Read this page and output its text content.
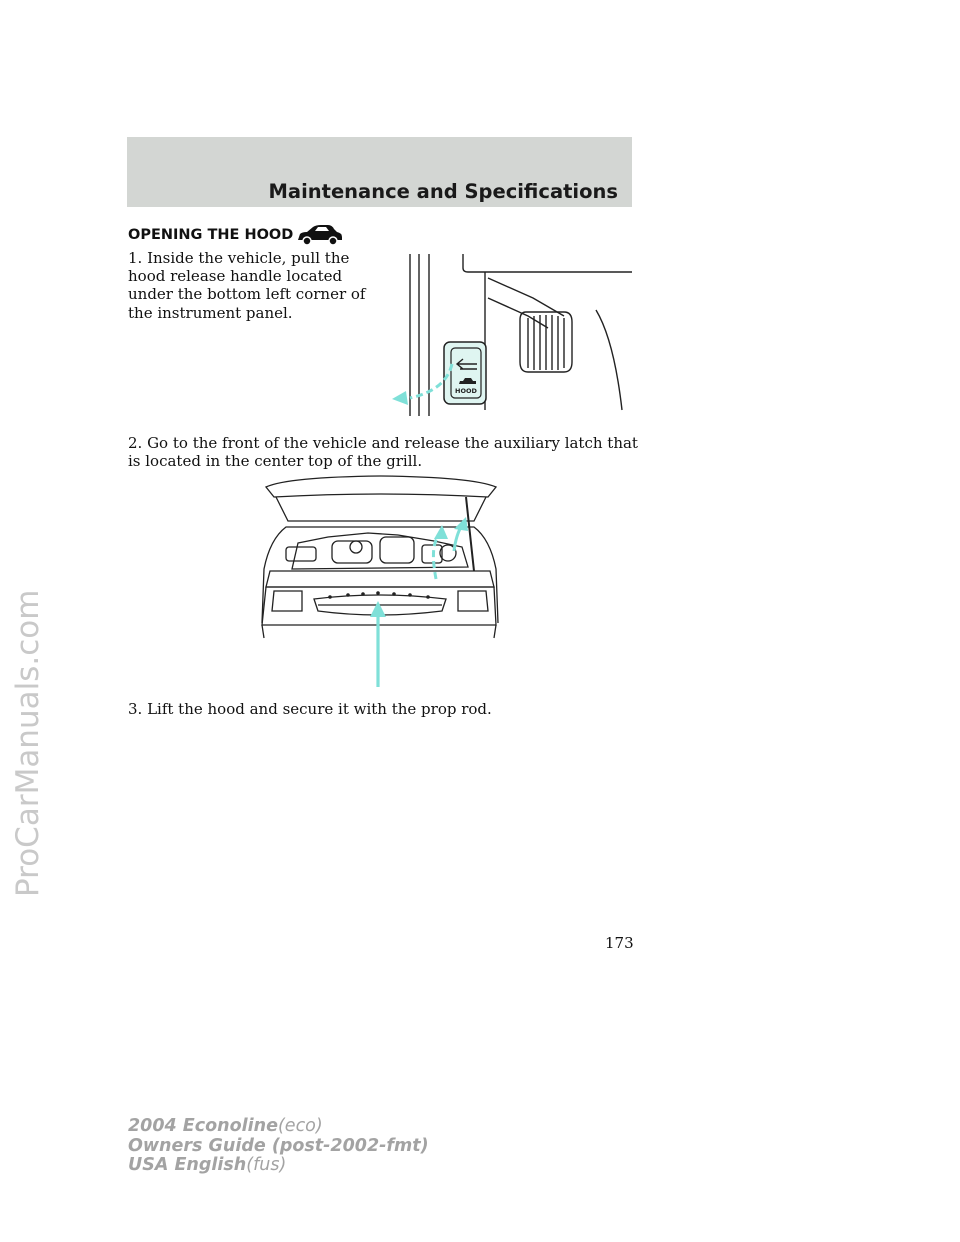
ProCarManuals.com
Maintenance and Specifications
OPENING THE HOOD

1. Inside the vehicle, pull the hood release handle located under the bottom left corner of the instrument panel.

HOOD

2. Go to the front of the vehicle and release the auxiliary latch that is located in the center top of the grill.

3. Lift the hood and secure it with the prop rod.

173

2004 Econoline(eco)
Owners Guide (post-2002-fmt)
USA English(fus)
